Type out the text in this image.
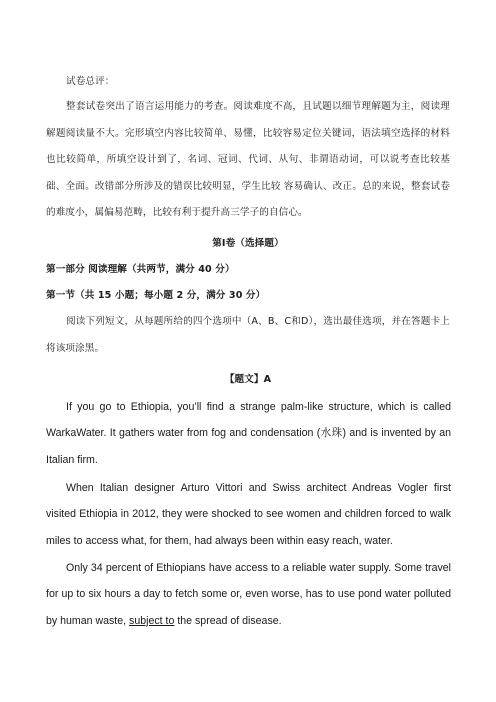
试卷总评：
整套试卷突出了语言运用能力的考查。阅读难度不高，且试题以细节理解题为主，阅读理解题阅读量不大。完形填空内容比较简单、易懂，比较容易定位关键词，语法填空选择的材料也比较简单，所填空设计到了，名词、冠词、代词、从句、非谓语动词，可以说考查比较基础、全面。改错部分所涉及的错误比较明显，学生比较 容易确认、改正。总的来说，整套试卷的难度小，属偏易范畴，比较有利于提升高三学子的自信心。
第Ⅰ卷（选择题）
第一部分 阅读理解（共两节，满分 40 分）
第一节（共 15 小题；每小题 2 分，满分 30 分）
阅读下列短文，从每题所给的四个选项中（A、B、C和D），选出最佳选项，并在答题卡上将该项涂黑。
【题文】A
If you go to Ethiopia, you’ll find a strange palm-like structure, which is called WarkaWater. It gathers water from fog and condensation (水珠) and is invented by an Italian firm.
When Italian designer Arturo Vittori and Swiss architect Andreas Vogler first visited Ethiopia in 2012, they were shocked to see women and children forced to walk miles to access what, for them, had always been within easy reach, water.
Only 34 percent of Ethiopians have access to a reliable water supply. Some travel for up to six hours a day to fetch some or, even worse, has to use pond water polluted by human waste, subject to the spread of disease.
